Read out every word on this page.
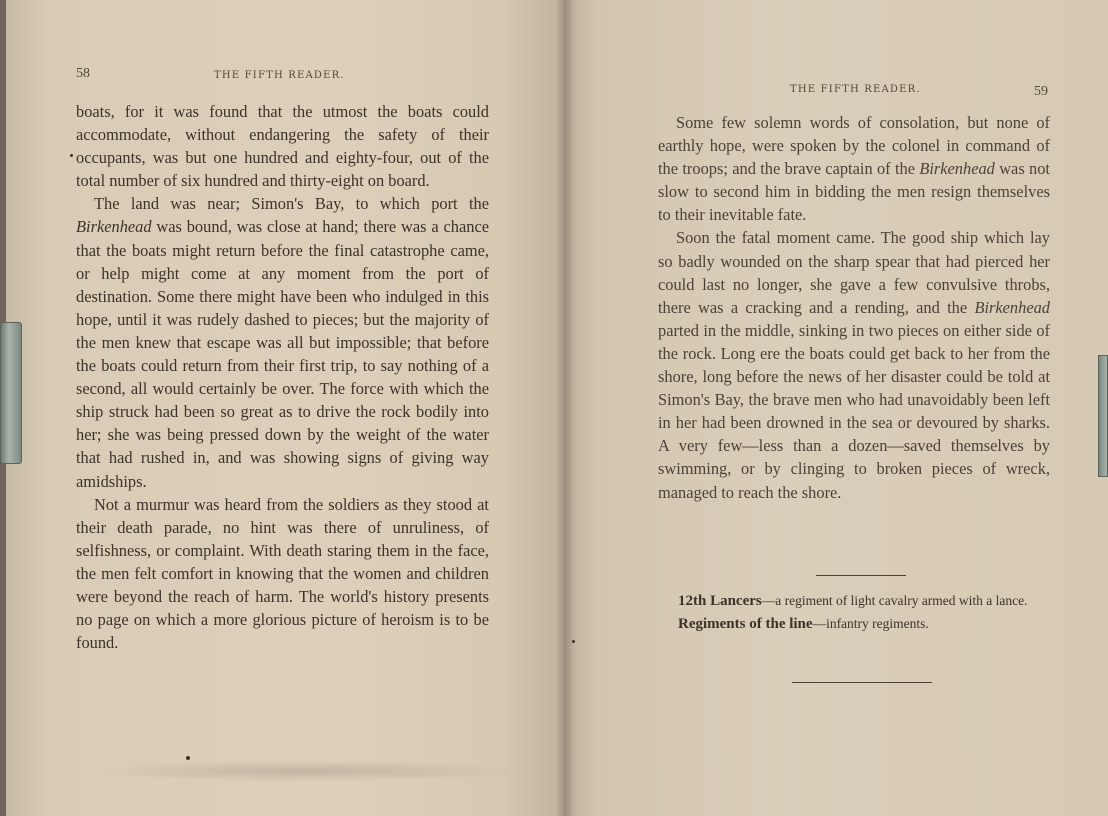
58	THE FIFTH READER.

boats, for it was found that the utmost the boats could accommodate, without endangering the safety of their occupants, was but one hundred and eighty-four, out of the total number of six hundred and thirty-eight on board.

The land was near; Simon's Bay, to which port the Birkenhead was bound, was close at hand; there was a chance that the boats might return before the final catastrophe came, or help might come at any moment from the port of destination. Some there might have been who indulged in this hope, until it was rudely dashed to pieces; but the majority of the men knew that escape was all but impossible; that before the boats could return from their first trip, to say nothing of a second, all would certainly be over. The force with which the ship struck had been so great as to drive the rock bodily into her; she was being pressed down by the weight of the water that had rushed in, and was showing signs of giving way amidships.

Not a murmur was heard from the soldiers as they stood at their death parade, no hint was there of unruliness, of selfishness, or complaint. With death staring them in the face, the men felt comfort in knowing that the women and children were beyond the reach of harm. The world's history presents no page on which a more glorious picture of heroism is to be found.

THE FIFTH READER.	59

Some few solemn words of consolation, but none of earthly hope, were spoken by the colonel in command of the troops; and the brave captain of the Birkenhead was not slow to second him in bidding the men resign themselves to their inevitable fate.

Soon the fatal moment came. The good ship which lay so badly wounded on the sharp spear that had pierced her could last no longer, she gave a few convulsive throbs, there was a cracking and a rending, and the Birkenhead parted in the middle, sinking in two pieces on either side of the rock. Long ere the boats could get back to her from the shore, long before the news of her disaster could be told at Simon's Bay, the brave men who had unavoidably been left in her had been drowned in the sea or devoured by sharks. A very few—less than a dozen—saved themselves by swimming, or by clinging to broken pieces of wreck, managed to reach the shore.

12th Lancers—a regiment of light cavalry armed with a lance.
Regiments of the line—infantry regiments.
